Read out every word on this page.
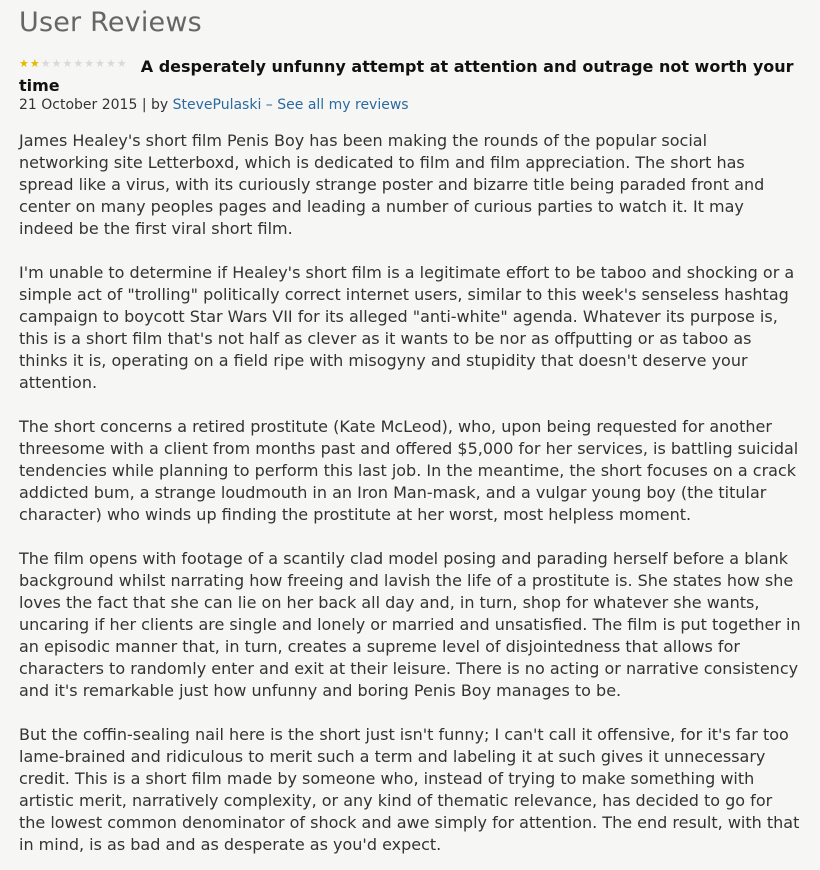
User Reviews
★ ★ ★ ★ ★ ★ ★ ★ ★ ★ A desperately unfunny attempt at attention and outrage not worth your time
21 October 2015 | by StevePulaski – See all my reviews

James Healey's short film Penis Boy has been making the rounds of the popular social networking site Letterboxd, which is dedicated to film and film appreciation. The short has spread like a virus, with its curiously strange poster and bizarre title being paraded front and center on many peoples pages and leading a number of curious parties to watch it. It may indeed be the first viral short film.

I'm unable to determine if Healey's short film is a legitimate effort to be taboo and shocking or a simple act of "trolling" politically correct internet users, similar to this week's senseless hashtag campaign to boycott Star Wars VII for its alleged "anti-white" agenda. Whatever its purpose is, this is a short film that's not half as clever as it wants to be nor as offputting or as taboo as thinks it is, operating on a field ripe with misogyny and stupidity that doesn't deserve your attention.

The short concerns a retired prostitute (Kate McLeod), who, upon being requested for another threesome with a client from months past and offered $5,000 for her services, is battling suicidal tendencies while planning to perform this last job. In the meantime, the short focuses on a crack addicted bum, a strange loudmouth in an Iron Man-mask, and a vulgar young boy (the titular character) who winds up finding the prostitute at her worst, most helpless moment.

The film opens with footage of a scantily clad model posing and parading herself before a blank background whilst narrating how freeing and lavish the life of a prostitute is. She states how she loves the fact that she can lie on her back all day and, in turn, shop for whatever she wants, uncaring if her clients are single and lonely or married and unsatisfied. The film is put together in an episodic manner that, in turn, creates a supreme level of disjointedness that allows for characters to randomly enter and exit at their leisure. There is no acting or narrative consistency and it's remarkable just how unfunny and boring Penis Boy manages to be.

But the coffin-sealing nail here is the short just isn't funny; I can't call it offensive, for it's far too lame-brained and ridiculous to merit such a term and labeling it at such gives it unnecessary credit. This is a short film made by someone who, instead of trying to make something with artistic merit, narratively complexity, or any kind of thematic relevance, has decided to go for the lowest common denominator of shock and awe simply for attention. The end result, with that in mind, is as bad and as desperate as you'd expect.
